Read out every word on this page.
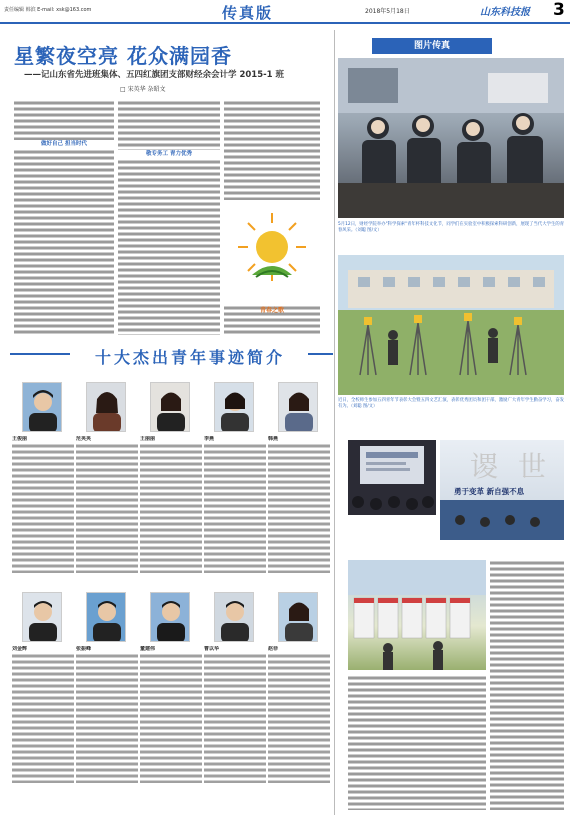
责任编辑 韩滨 E-mail: xsk@163.com	传真版	2018年5月18日	山东科技报 3
星繁夜空亮 花众满园香
——记山东省先进班集体、五四红旗团支部财经余会计学 2015-1 班
□ 宋英华 杂昭文
做好自己 担当时代
敬专务工 青力优秀
青春之歌
图片传真
5月12日，财经学院举办"科学探索"青年杯科技文化节，同学们在实验室中积极探索科研创新，展现了当代大学生的青春风采。（刘聪 图/文）
近日，全校师生参加五四青年节表彰大会暨五四文艺汇演，表彰优秀团员和团干部，激励广大青年学生勤奋学习，奋发有为。（刘聪 图/文）
谡 世
勇于变革 新自强不息
十大杰出青年事迹简介
王俊丽	范英英	王丽丽	李燕	韩燕
刘金辉	张振峰	董建伟	曹以华	赵菲
